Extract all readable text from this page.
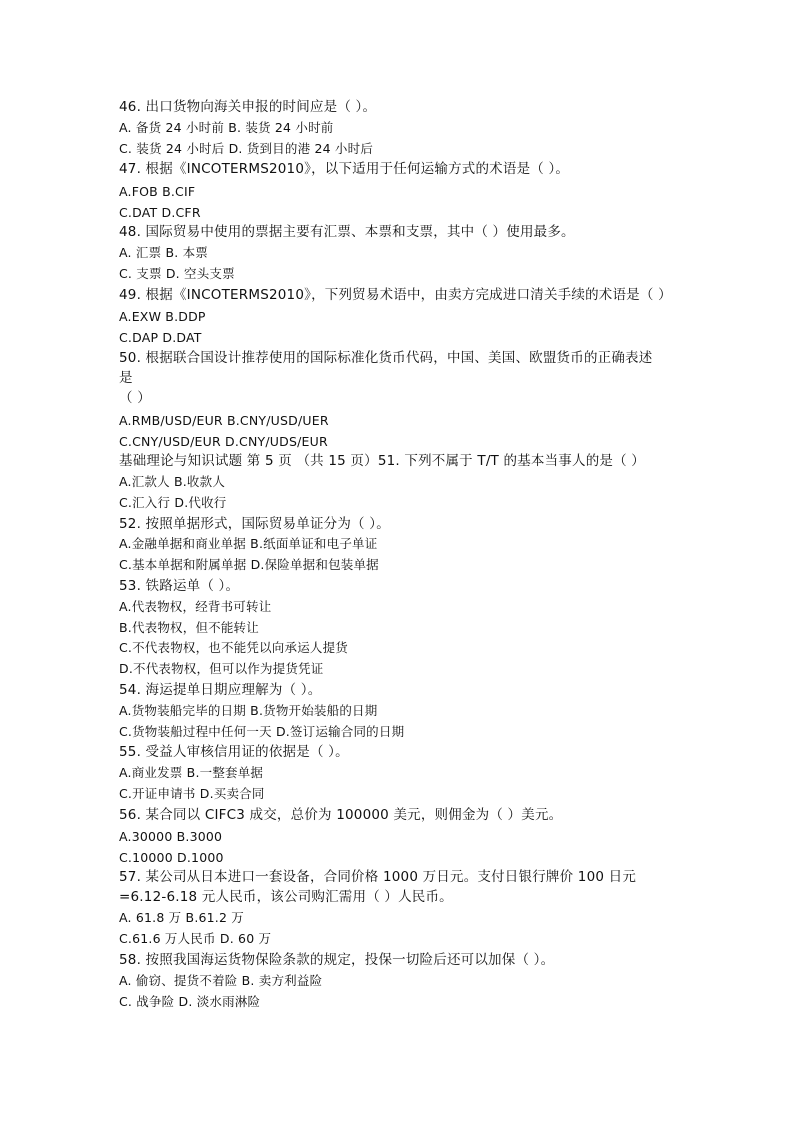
46. 出口货物向海关申报的时间应是（ ）。
A. 备货 24 小时前 B. 装货 24 小时前
C. 装货 24 小时后 D. 货到目的港 24 小时后
47. 根据《INCOTERMS2010》，以下适用于任何运输方式的术语是（ ）。
A.FOB B.CIF
C.DAT D.CFR
48. 国际贸易中使用的票据主要有汇票、本票和支票，其中（ ）使用最多。
A. 汇票 B. 本票
C. 支票 D. 空头支票
49. 根据《INCOTERMS2010》，下列贸易术语中，由卖方完成进口清关手续的术语是（ ）
A.EXW B.DDP
C.DAP D.DAT
50. 根据联合国设计推荐使用的国际标准化货币代码，中国、美国、欧盟货币的正确表述
是
（ ）
A.RMB/USD/EUR B.CNY/USD/UER
C.CNY/USD/EUR D.CNY/UDS/EUR
基础理论与知识试题 第 5 页 （共 15 页）51. 下列不属于 T/T 的基本当事人的是（ ）
A.汇款人 B.收款人
C.汇入行 D.代收行
52. 按照单据形式，国际贸易单证分为（ ）。
A.金融单据和商业单据 B.纸面单证和电子单证
C.基本单据和附属单据 D.保险单据和包装单据
53. 铁路运单（ ）。
A.代表物权，经背书可转让
B.代表物权，但不能转让
C.不代表物权，也不能凭以向承运人提货
D.不代表物权，但可以作为提货凭证
54. 海运提单日期应理解为（ ）。
A.货物装船完毕的日期 B.货物开始装船的日期
C.货物装船过程中任何一天 D.签订运输合同的日期
55. 受益人审核信用证的依据是（ ）。
A.商业发票 B.一整套单据
C.开证申请书 D.买卖合同
56. 某合同以 CIFC3 成交，总价为 100000 美元，则佣金为（ ）美元。
A.30000 B.3000
C.10000 D.1000
57. 某公司从日本进口一套设备，合同价格 1000 万日元。支付日银行牌价 100 日元
=6.12-6.18 元人民币，该公司购汇需用（ ）人民币。
A. 61.8 万 B.61.2 万
C.61.6 万人民币 D. 60 万
58. 按照我国海运货物保险条款的规定，投保一切险后还可以加保（ ）。
A. 偷窃、提货不着险 B. 卖方利益险
C. 战争险 D. 淡水雨淋险
